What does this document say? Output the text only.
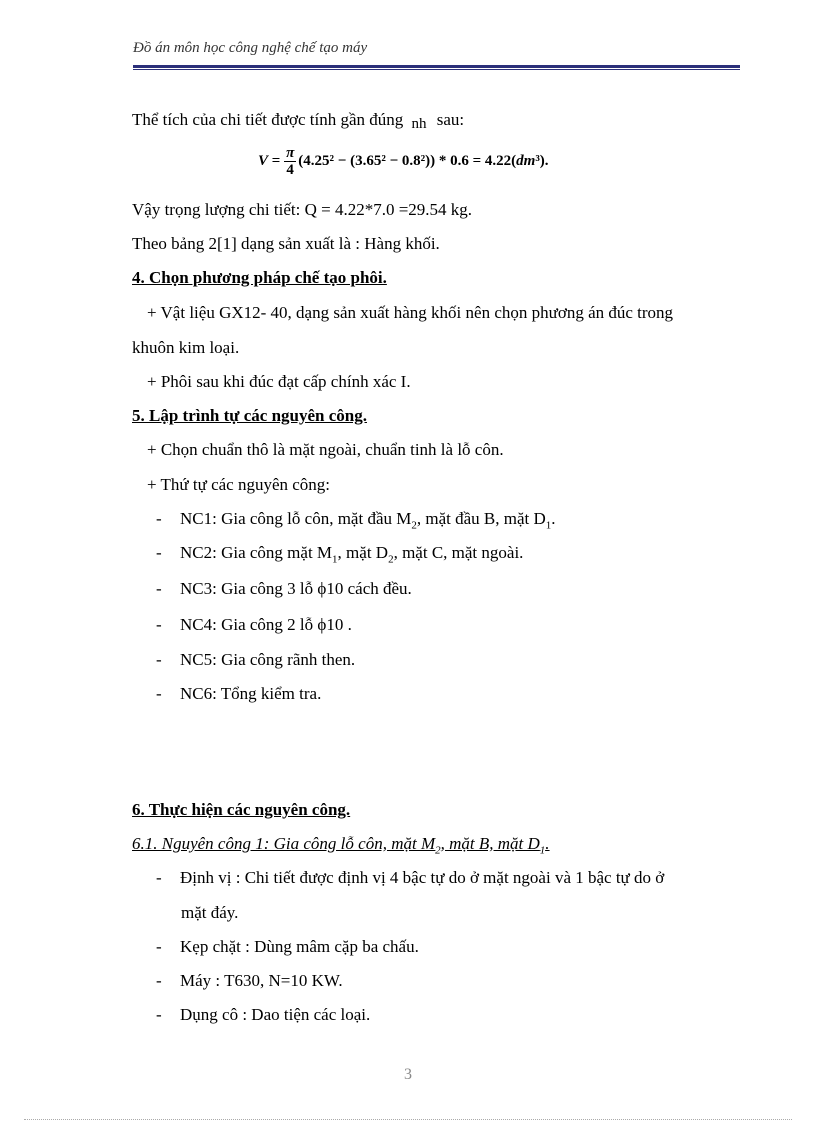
Đồ án môn học công nghệ chế tạo máy
Thể tích của chi tiết được tính gần đúng nh sau:
$V = \frac{\pi}{4} (4.25^2 - (3.65^2 - 0.8^2)) * 0.6 = 4.22(dm^3)$.
Vậy trọng lượng chi tiết: Q = 4.22*7.0 =29.54 kg.
Theo bảng 2[1] dạng sản xuất là : Hàng khối.
4. Chọn phương pháp chế tạo phôi.
+ Vật liệu GX12- 40, dạng sản xuất hàng khối nên chọn phương án đúc trong
khuôn kim loại.
+ Phôi sau khi đúc đạt cấp chính xác I.
5. Lập trình tự các nguyên công.
+ Chọn chuẩn thô là mặt ngoài, chuẩn tinh là lỗ côn.
+ Thứ tự các nguyên công:
- NC1: Gia công lỗ côn, mặt đầu $M_2$, mặt đầu B, mặt $D_1$.
- NC2: Gia công mặt $M_1$, mặt $D_2$, mặt C, mặt ngoài.
- NC3: Gia công 3 lỗ ϕ10 cách đều.
- NC4: Gia công 2 lỗ ϕ10 .
- NC5: Gia công rãnh then.
- NC6: Tổng kiểm tra.
6. Thực hiện các nguyên công.
6.1. Nguyên công 1: Gia công lỗ côn, mặt $M_2$, mặt B, mặt $D_1$.
- Định vị : Chi tiết được định vị 4 bậc tự do ở mặt ngoài và 1 bậc tự do ở
mặt đáy.
- Kẹp chặt : Dùng mâm cặp ba chấu.
- Máy : T630, N=10 KW.
- Dụng cô : Dao tiện các loại.
3
